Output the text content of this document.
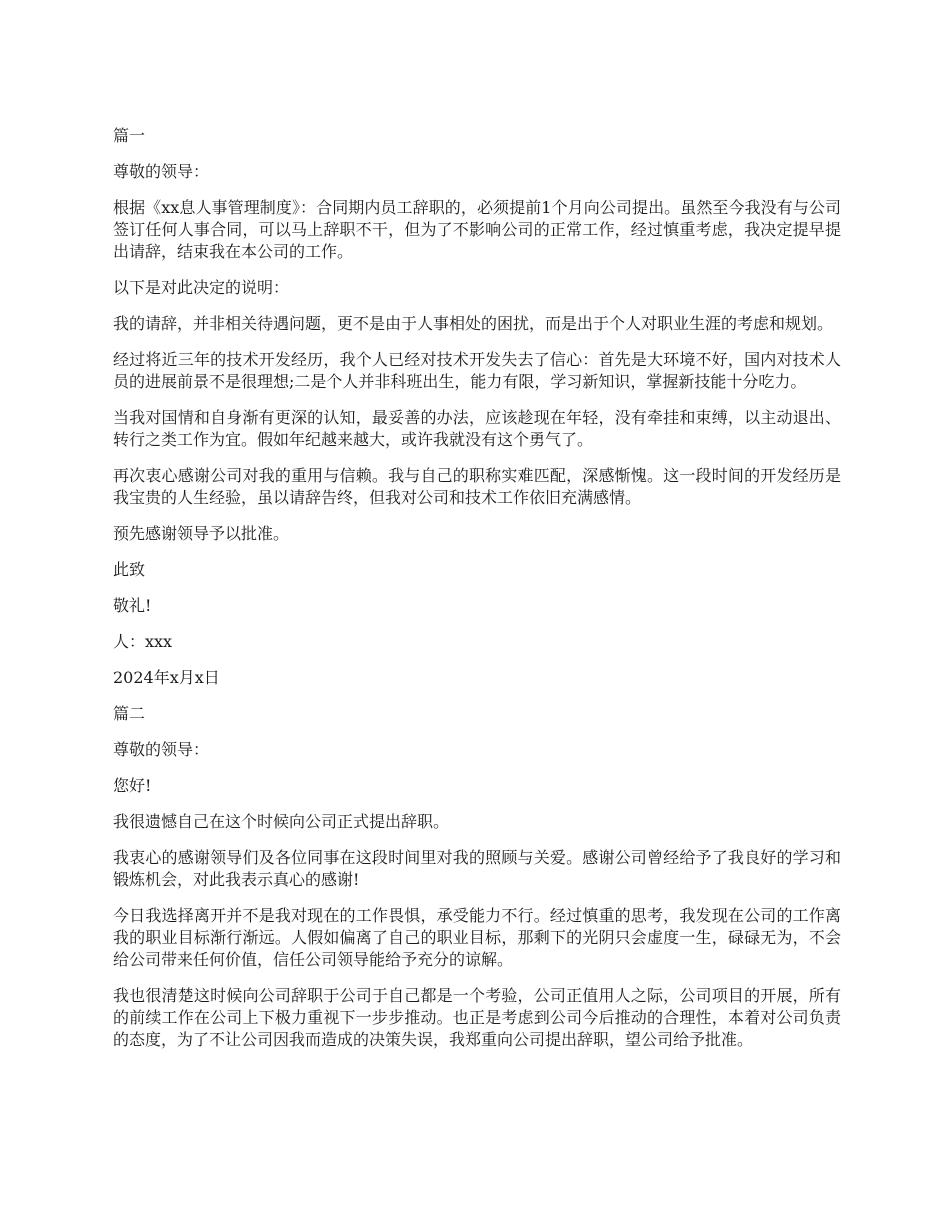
篇一

尊敬的领导：

根据《xx息人事管理制度》：合同期内员工辞职的，必须提前1个月向公司提出。虽然至今我没有与公司签订任何人事合同，可以马上辞职不干，但为了不影响公司的正常工作，经过慎重考虑，我决定提早提出请辞，结束我在本公司的工作。

以下是对此决定的说明：

我的请辞，并非相关待遇问题，更不是由于人事相处的困扰，而是出于个人对职业生涯的考虑和规划。

经过将近三年的技术开发经历，我个人已经对技术开发失去了信心：首先是大环境不好，国内对技术人员的进展前景不是很理想;二是个人并非科班出生，能力有限，学习新知识，掌握新技能十分吃力。

当我对国情和自身渐有更深的认知，最妥善的办法，应该趁现在年轻，没有牵挂和束缚，以主动退出、转行之类工作为宜。假如年纪越来越大，或许我就没有这个勇气了。

再次衷心感谢公司对我的重用与信赖。我与自己的职称实难匹配，深感惭愧。这一段时间的开发经历是我宝贵的人生经验，虽以请辞告终，但我对公司和技术工作依旧充满感情。

预先感谢领导予以批准。

此致

敬礼!

人：xxx

2024年x月x日

篇二

尊敬的领导：

您好!

我很遗憾自己在这个时候向公司正式提出辞职。

我衷心的感谢领导们及各位同事在这段时间里对我的照顾与关爱。感谢公司曾经给予了我良好的学习和锻炼机会，对此我表示真心的感谢!

今日我选择离开并不是我对现在的工作畏惧，承受能力不行。经过慎重的思考，我发现在公司的工作离我的职业目标渐行渐远。人假如偏离了自己的职业目标，那剩下的光阴只会虚度一生，碌碌无为，不会给公司带来任何价值，信任公司领导能给予充分的谅解。

我也很清楚这时候向公司辞职于公司于自己都是一个考验，公司正值用人之际，公司项目的开展，所有的前续工作在公司上下极力重视下一步步推动。也正是考虑到公司今后推动的合理性，本着对公司负责的态度，为了不让公司因我而造成的决策失误，我郑重向公司提出辞职，望公司给予批准。
